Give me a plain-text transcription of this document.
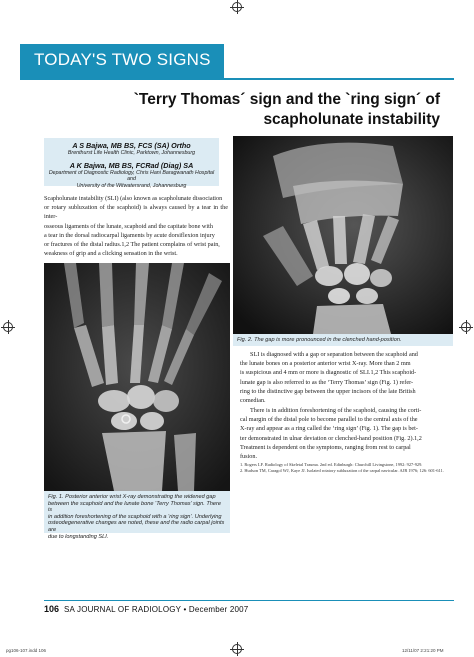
TODAY'S TWO SIGNS
`Terry Thomas´ sign and the `ring sign´ of
scapholunate instability
A S Bajwa, MB BS, FCS (SA) Ortho
Brenthurst Life Health Clinic, Parktown, Johannesburg
A K Bajwa, MB BS, FCRad (Diag) SA
Department of Diagnostic Radiology, Chris Hani Baragwanath Hospital and
University of the Witwatersrand, Johannesburg
Scapholunate instability (SLI) (also known as scapholunate dissociation
or rotary subluxation of the scaphoid) is always caused by a tear in the inter-
osseous ligaments of the lunate, scaphoid and the capitate bone with
a tear in the dorsal radiocarpal ligaments by acute dorsiflexion injury
or fractures of the distal radius.1,2 The patient complains of wrist pain,
weakness of grip and a clicking sensation in the wrist.
Fig. 1. Posterior anterior wrist X-ray demonstrating the widened gap
between the scaphoid and the lunate bone ‘Terry Thomas’ sign. There is
in addition foreshortening of the scaphoid with a ‘ring sign’. Underlying
osteodegenerative changes are noted, these and the radio carpal joints are
due to longstanding SLI.
Fig. 2. The gap is more pronounced in the clenched hand-position.
SLI is diagnosed with a gap or separation between the scaphoid and
the lunate bones on a posterior anterior wrist X-ray. More than 2 mm
is suspicious and 4 mm or more is diagnostic of SLI.1,2 This scaphoid-
lunate gap is also referred to as the ‘Terry Thomas’ sign (Fig. 1) refer-
ring to the distinctive gap between the upper incisors of the late British
comedian.
There is in addition foreshortening of the scaphoid, causing the corti-
cal margin of the distal pole to become parallel to the central axis of the
X-ray and appear as a ring called the ‘ring sign’ (Fig. 1). The gap is bet-
ter demonstrated in ulnar deviation or clenched-hand position (Fig. 2).1,2
Treatment is dependent on the symptoms, ranging from rest to carpal
fusion.
1. Rogers LF. Radiology of Skeletal Trauma. 2nd ed. Edinburgh: Churchill Livingstone, 1992: 927-929.
2. Hudson TM, Caragol WJ, Kaye JJ. Isolated rotatory subluxation of the carpal navicular. AJR 1976; 126: 601-611.
106 SA JOURNAL OF RADIOLOGY • December 2007
pg106-107.indd 106	12/11/07 2:21:20 PM
